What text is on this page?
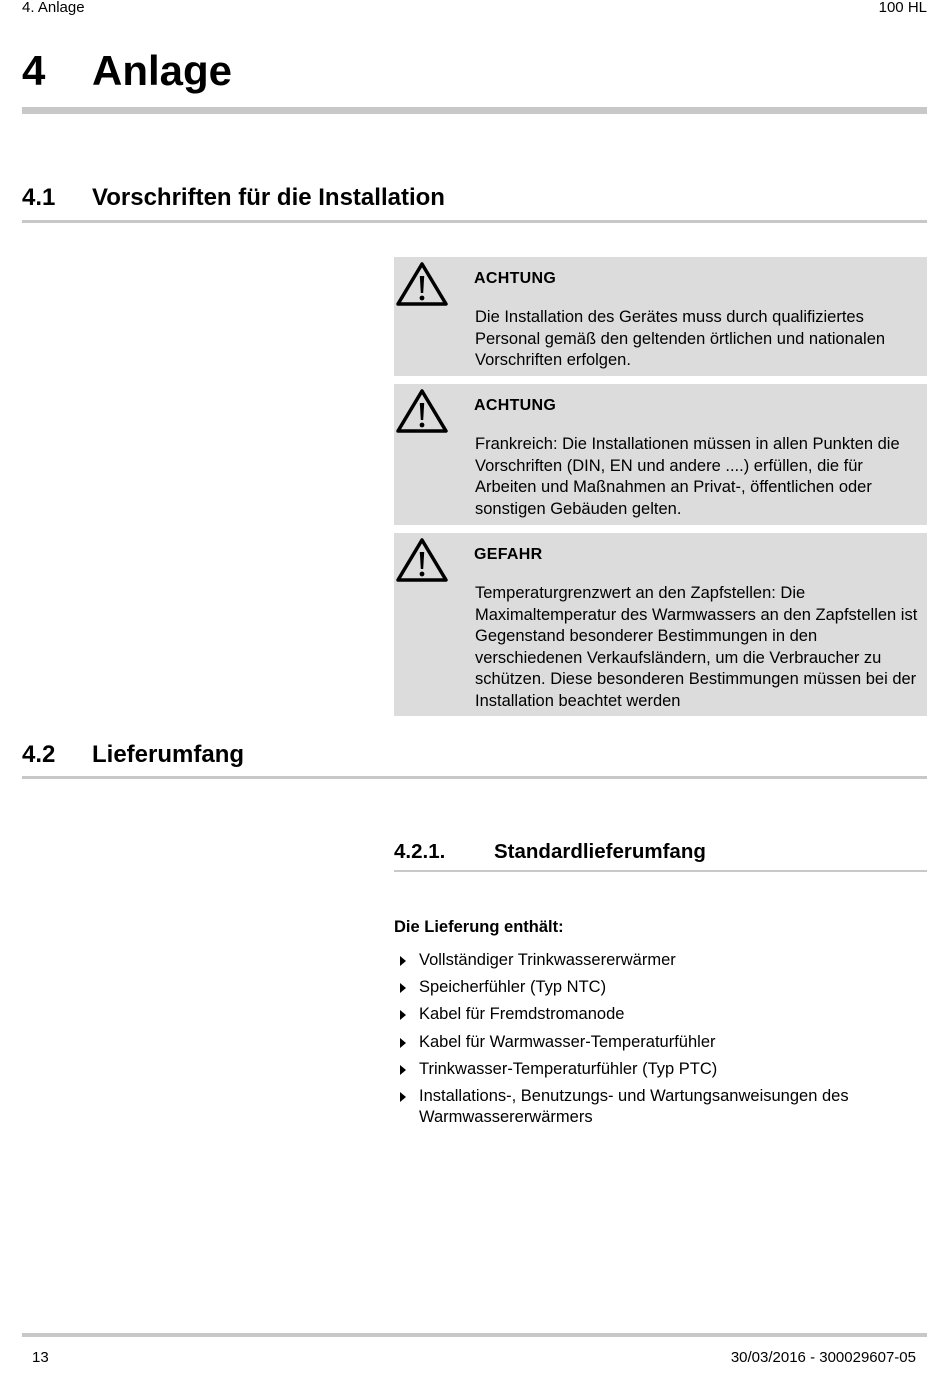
4. Anlage	100 HL
4 Anlage
4.1 Vorschriften für die Installation
ACHTUNG
Die Installation des Gerätes muss durch qualifiziertes Personal gemäß den geltenden örtlichen und nationalen Vorschriften erfolgen.
ACHTUNG
Frankreich: Die Installationen müssen in allen Punkten die Vorschriften (DIN, EN und andere ....) erfüllen, die für Arbeiten und Maßnahmen an Privat-, öffentlichen oder sonstigen Gebäuden gelten.
GEFAHR
Temperaturgrenzwert an den Zapfstellen: Die Maximaltemperatur des Warmwassers an den Zapfstellen ist Gegenstand besonderer Bestimmungen in den verschiedenen Verkaufsländern, um die Verbraucher zu schützen. Diese besonderen Bestimmungen müssen bei der Installation beachtet werden
4.2 Lieferumfang
4.2.1. Standardlieferumfang
Die Lieferung enthält:
Vollständiger Trinkwassererwärmer
Speicherfühler (Typ NTC)
Kabel für Fremdstromanode
Kabel für Warmwasser-Temperaturfühler
Trinkwasser-Temperaturfühler (Typ PTC)
Installations-, Benutzungs- und Wartungsanweisungen des Warmwassererwärmers
13	30/03/2016 - 300029607-05
